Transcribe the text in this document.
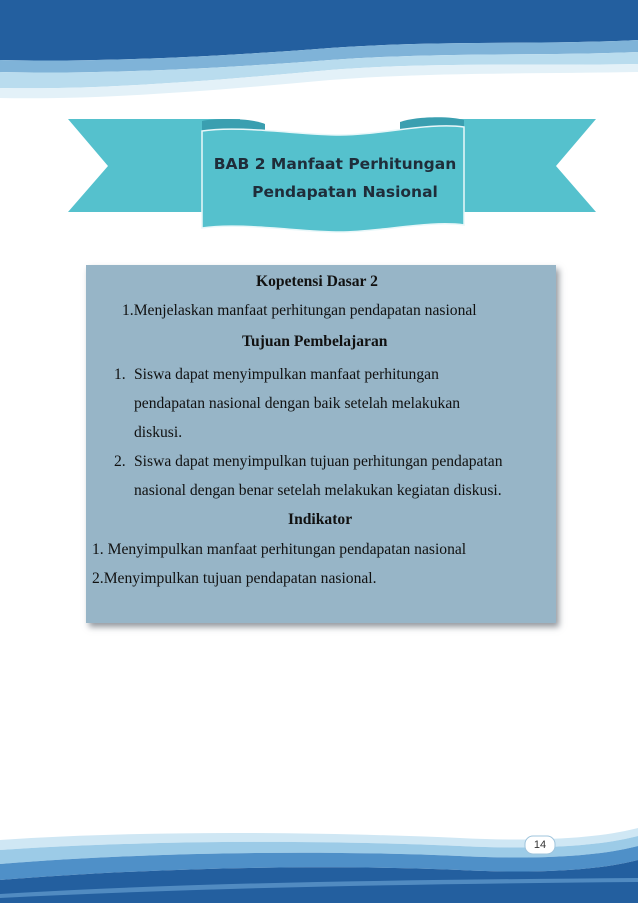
BAB 2 Manfaat Perhitungan

Pendapatan Nasional
Kopetensi Dasar 2
1.Menjelaskan manfaat perhitungan pendapatan nasional
Tujuan Pembelajaran
1. Siswa dapat menyimpulkan manfaat perhitungan
pendapatan nasional dengan baik setelah melakukan
diskusi.
2. Siswa dapat menyimpulkan tujuan perhitungan pendapatan
nasional dengan benar setelah melakukan kegiatan diskusi.
Indikator
1. Menyimpulkan manfaat perhitungan pendapatan nasional
2.Menyimpulkan tujuan pendapatan nasional.
14
